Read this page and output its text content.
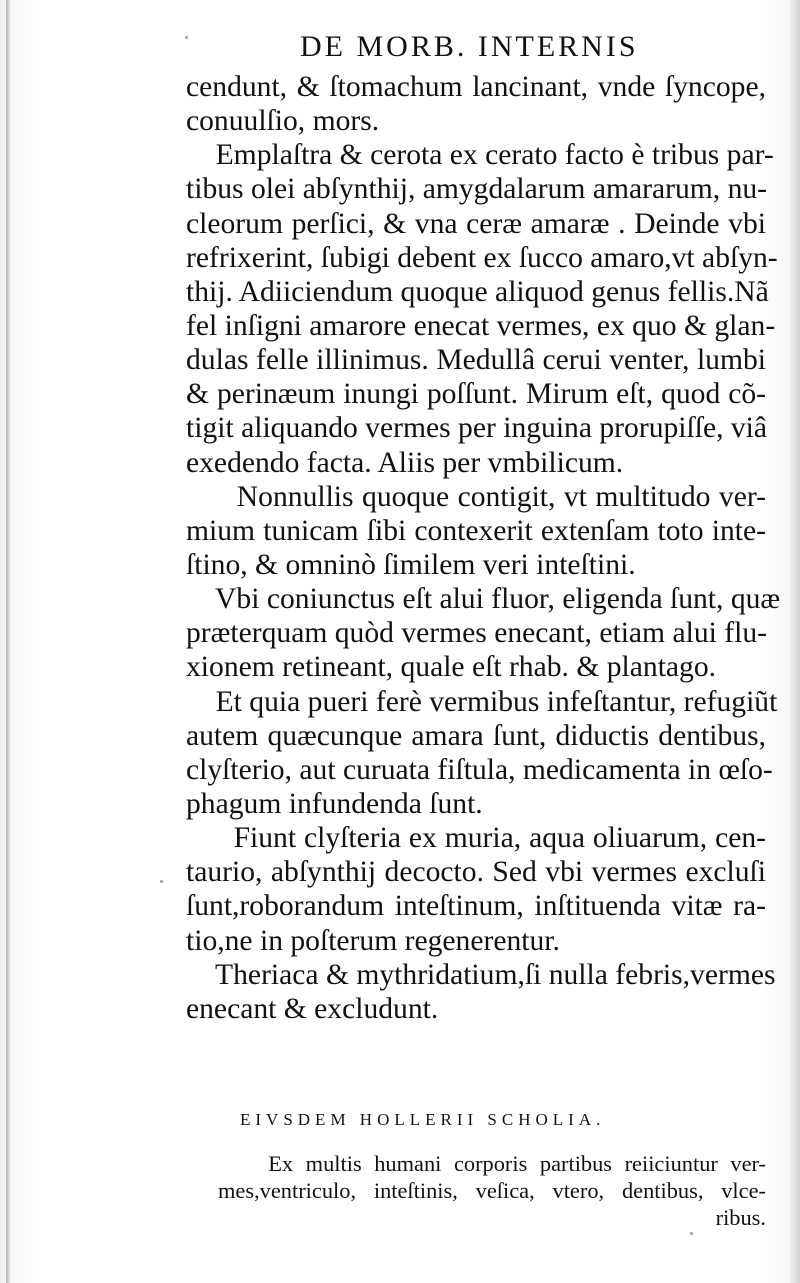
DE MORB. INTERNIS
cendunt, & ſtomachum lancinant, vnde ſyncope,
conuulſio, mors.
Emplaſtra & cerota ex cerato facto è tribus par-
tibus olei abſynthij, amygdalarum amararum, nu-
cleorum perſici, & vna ceræ amaræ . Deinde vbi
refrixerint, ſubigi debent ex ſucco amaro,vt abſyn-
thij. Adiiciendum quoque aliquod genus fellis.Nã
fel inſigni amarore enecat vermes, ex quo & glan-
dulas felle illinimus. Medullâ cerui venter, lumbi
& perinæum inungi poſſunt. Mirum eſt, quod cõ-
tigit aliquando vermes per inguina prorupiſſe, viâ
exedendo facta. Aliis per vmbilicum.
Nonnullis quoque contigit, vt multitudo ver-
mium tunicam ſibi contexerit extenſam toto inte-
ſtino, & omninò ſimilem veri inteſtini.
Vbi coniunctus eſt alui fluor, eligenda ſunt, quæ
præterquam quòd vermes enecant, etiam alui flu-
xionem retineant, quale eſt rhab. & plantago.
Et quia pueri ferè vermibus infeſtantur, refugiũt
autem quæcunque amara ſunt, diductis dentibus,
clyſterio, aut curuata fiſtula, medicamenta in œſo-
phagum infundenda ſunt.
Fiunt clyſteria ex muria, aqua oliuarum, cen-
taurio, abſynthij decocto. Sed vbi vermes excluſi
ſunt,roborandum inteſtinum, inſtituenda vitæ ra-
tio,ne in poſterum regenerentur.
Theriaca & mythridatium,ſi nulla febris,vermes
enecant & excludunt.
EIVSDEM HOLLERII SCHOLIA.
Ex multis humani corporis partibus reiiciuntur ver-
mes,ventriculo, inteſtinis, veſica, vtero, dentibus, vlce-
ribus.
